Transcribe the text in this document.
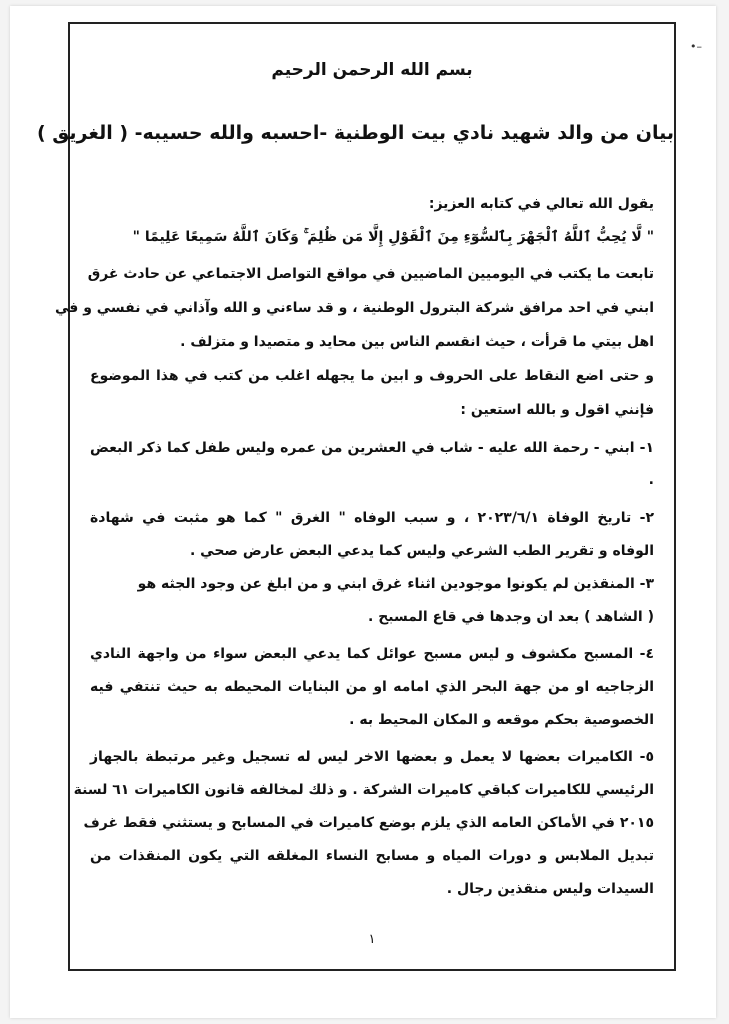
•–
بسم الله الرحمن الرحيم
بيان من والد شهيد نادي بيت الوطنية -احسبه والله حسيبه- ( الغريق )
يقول الله تعالي في كتابه العزيز:
" لَّا يُحِبُّ ٱللَّهُ ٱلْجَهْرَ بِٱلسُّوٓءِ مِنَ ٱلْقَوْلِ إِلَّا مَن ظُلِمَ ۚ وَكَانَ ٱللَّهُ سَمِيعًا عَلِيمًا "
تابعت ما يكتب في اليوميين الماضيين في مواقع التواصل الاجتماعي عن حادث غرق
ابني في احد مرافق شركة البترول الوطنية ، و قد ساءني و الله وآذاني في نفسي و في
اهل بيتي ما قرأت ، حيث انقسم الناس بين محايد و متصيدا و متزلف .
و حتى اضع النقاط على الحروف و ابين ما يجهله اغلب من كتب في هذا الموضوع
فإنني اقول و بالله استعين :
١- ابني - رحمة الله عليه - شاب في العشرين من عمره وليس طفل كما ذكر البعض
.
٢- تاريخ الوفاة ٢٠٢٣/٦/١ ، و سبب الوفاه " الغرق " كما هو مثبت في شهادة
الوفاه و تقرير الطب الشرعي وليس كما يدعي البعض عارض صحي .
٣- المنقذين لم يكونوا موجودين اثناء غرق ابني و من ابلغ عن وجود الجثه هو
( الشاهد ) بعد ان وجدها في قاع المسبح .
٤- المسبح مكشوف و ليس مسبح عوائل كما يدعي البعض سواء من واجهة النادي
الزجاجيه او من جهة البحر الذي امامه او من البنايات المحيطه به حيث تنتفي فيه
الخصوصية بحكم موقعه و المكان المحيط به .
٥- الكاميرات بعضها لا يعمل و بعضها الاخر ليس له تسجيل وغير مرتبطة بالجهاز
الرئيسي للكاميرات كباقي كاميرات الشركة . و ذلك لمخالفه قانون الكاميرات ٦١ لسنة
٢٠١٥ في الأماكن العامه الذي يلزم بوضع كاميرات في المسابح و يستثني فقط غرف
تبديل الملابس و دورات المياه و مسابح النساء المغلقه التي يكون المنقذات من
السيدات وليس منقذين رجال .
١
